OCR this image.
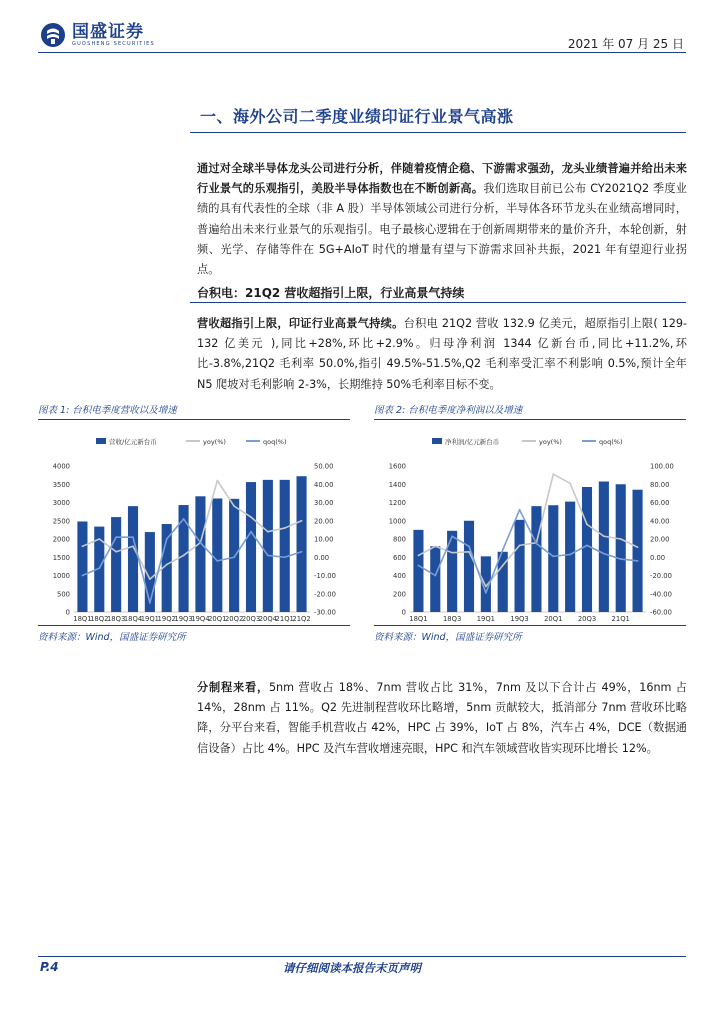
国盛证券
GUOSHENG SECURITIES	2021 年 07 月 25 日
一、海外公司二季度业绩印证行业景气高涨
通过对全球半导体龙头公司进行分析，伴随着疫情企稳、下游需求强劲，龙头业绩普遍并给出未来行业景气的乐观指引，美股半导体指数也在不断创新高。我们选取目前已公布 CY2021Q2 季度业绩的具有代表性的全球（非 A 股）半导体领域公司进行分析，半导体各环节龙头在业绩高增同时，普遍给出未来行业景气的乐观指引。电子最核心逻辑在于创新周期带来的量价齐升，本轮创新，射频、光学、存储等件在 5G+AIoT 时代的增量有望与下游需求回补共振，2021 年有望迎行业拐点。
台积电：21Q2 营收超指引上限，行业高景气持续
营收超指引上限，印证行业高景气持续。台积电 21Q2 营收 132.9 亿美元，超原指引上限( 129-132 亿美元 ),同比+28%,环比+2.9%。归母净利润 1344 亿新台币,同比+11.2%,环比-3.8%,21Q2 毛利率 50.0%,指引 49.5%-51.5%,Q2 毛利率受汇率不利影响 0.5%,预计全年 N5 爬坡对毛利影响 2-3%，长期维持 50%毛利率目标不变。
图表 1: 台积电季度营收以及增速
营收/亿元新台币	yoy(%)	qoq(%)
0
500
1000
1500
2000
2500
3000
3500
4000
-30.00
-20.00
-10.00
0.00
10.00
20.00
30.00
40.00
50.00
18Q1
18Q2
18Q3
18Q4
19Q1
19Q2
19Q3
19Q4
20Q1
20Q2
20Q3
20Q4
21Q1
21Q2
资料来源：Wind，国盛证券研究所
图表 2: 台积电季度净利润以及增速
净利润/亿元新台币	yoy(%)	qoq(%)
0
200
400
600
800
1000
1200
1400
1600
-60.00
-40.00
-20.00
0.00
20.00
40.00
60.00
80.00
100.00
18Q1 18Q3 19Q1 19Q3 20Q1 20Q3 21Q1
资料来源：Wind，国盛证券研究所
分制程来看，5nm 营收占 18%、7nm 营收占比 31%，7nm 及以下合计占 49%，16nm 占 14%，28nm 占 11%。Q2 先进制程营收环比略增，5nm 贡献较大，抵消部分 7nm 营收环比略降，分平台来看，智能手机营收占 42%，HPC 占 39%，IoT 占 8%，汽车占 4%，DCE（数据通信设备）占比 4%。HPC 及汽车营收增速亮眼，HPC 和汽车领域营收皆实现环比增长 12%。
P.4	请仔细阅读本报告末页声明
